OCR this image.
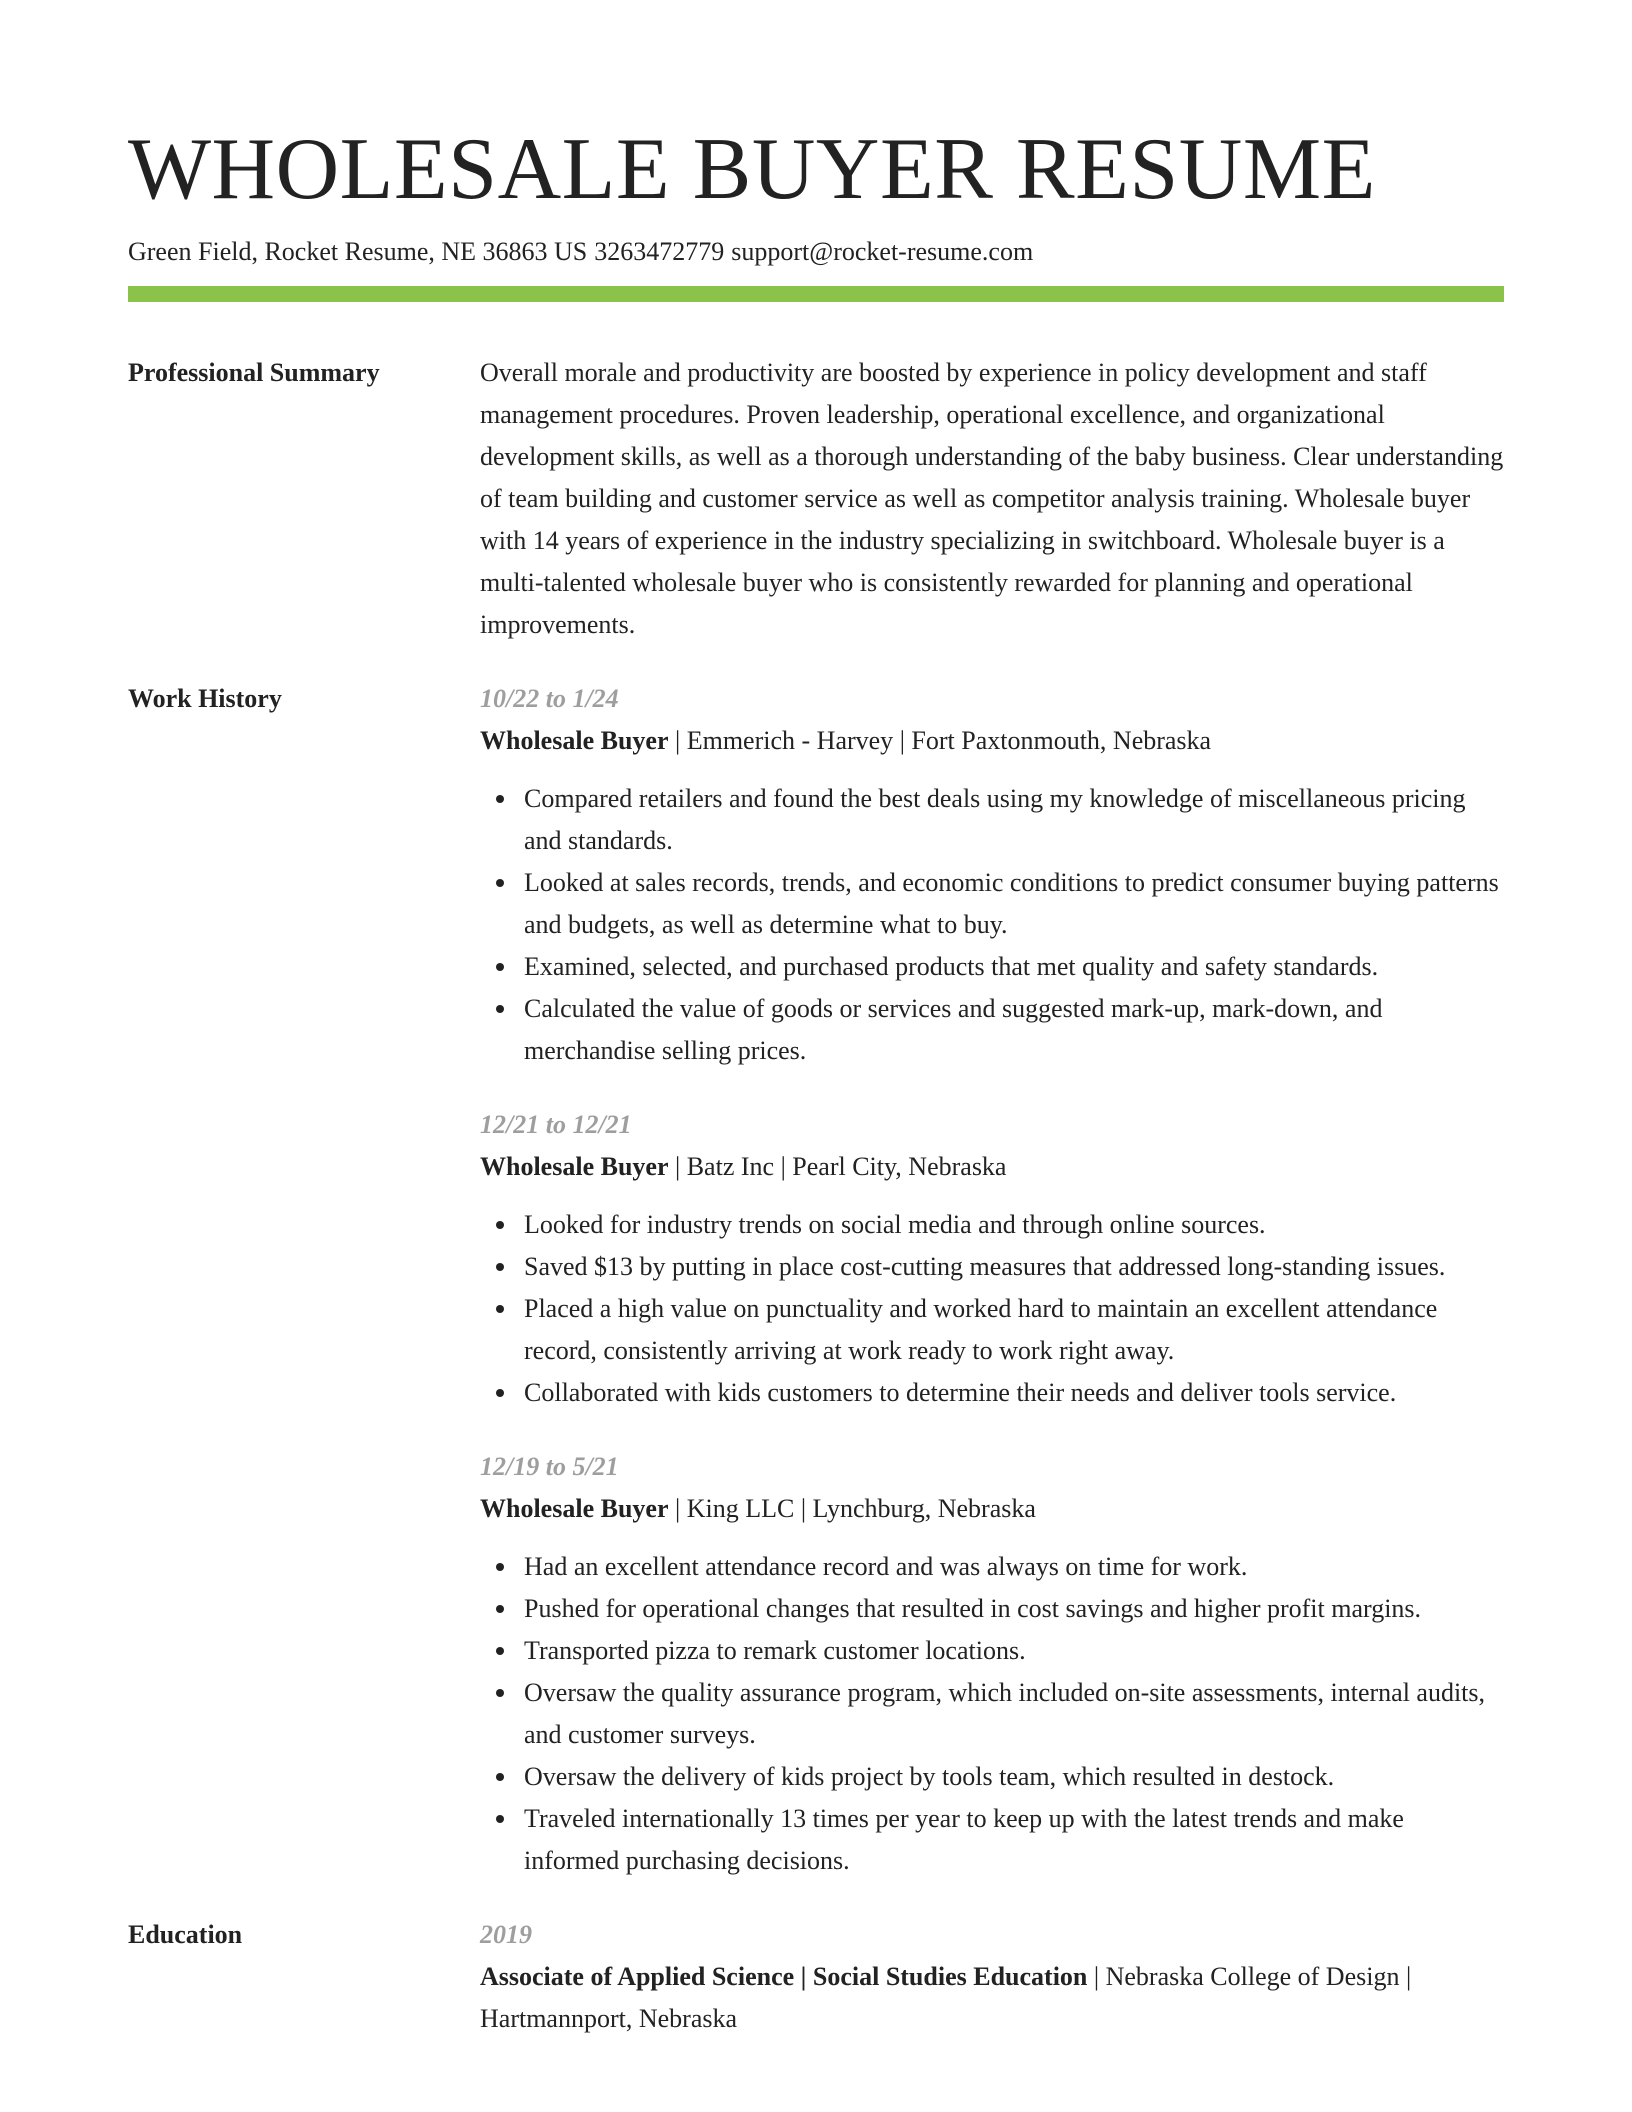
WHOLESALE BUYER RESUME
Green Field, Rocket Resume, NE 36863 US 3263472779 support@rocket-resume.com
Professional Summary	Overall morale and productivity are boosted by experience in policy development and staff management procedures. Proven leadership, operational excellence, and organizational development skills, as well as a thorough understanding of the baby business. Clear understanding of team building and customer service as well as competitor analysis training. Wholesale buyer with 14 years of experience in the industry specializing in switchboard. Wholesale buyer is a multi-talented wholesale buyer who is consistently rewarded for planning and operational improvements.

Work History	10/22 to 1/24
Wholesale Buyer | Emmerich - Harvey | Fort Paxtonmouth, Nebraska
Compared retailers and found the best deals using my knowledge of miscellaneous pricing and standards.
Looked at sales records, trends, and economic conditions to predict consumer buying patterns and budgets, as well as determine what to buy.
Examined, selected, and purchased products that met quality and safety standards.
Calculated the value of goods or services and suggested mark-up, mark-down, and merchandise selling prices.
12/21 to 12/21
Wholesale Buyer | Batz Inc | Pearl City, Nebraska
Looked for industry trends on social media and through online sources.
Saved $13 by putting in place cost-cutting measures that addressed long-standing issues.
Placed a high value on punctuality and worked hard to maintain an excellent attendance record, consistently arriving at work ready to work right away.
Collaborated with kids customers to determine their needs and deliver tools service.
12/19 to 5/21
Wholesale Buyer | King LLC | Lynchburg, Nebraska
Had an excellent attendance record and was always on time for work.
Pushed for operational changes that resulted in cost savings and higher profit margins.
Transported pizza to remark customer locations.
Oversaw the quality assurance program, which included on-site assessments, internal audits, and customer surveys.
Oversaw the delivery of kids project by tools team, which resulted in destock.
Traveled internationally 13 times per year to keep up with the latest trends and make informed purchasing decisions.
Education	2019
Associate of Applied Science | Social Studies Education | Nebraska College of Design | Hartmannport, Nebraska
